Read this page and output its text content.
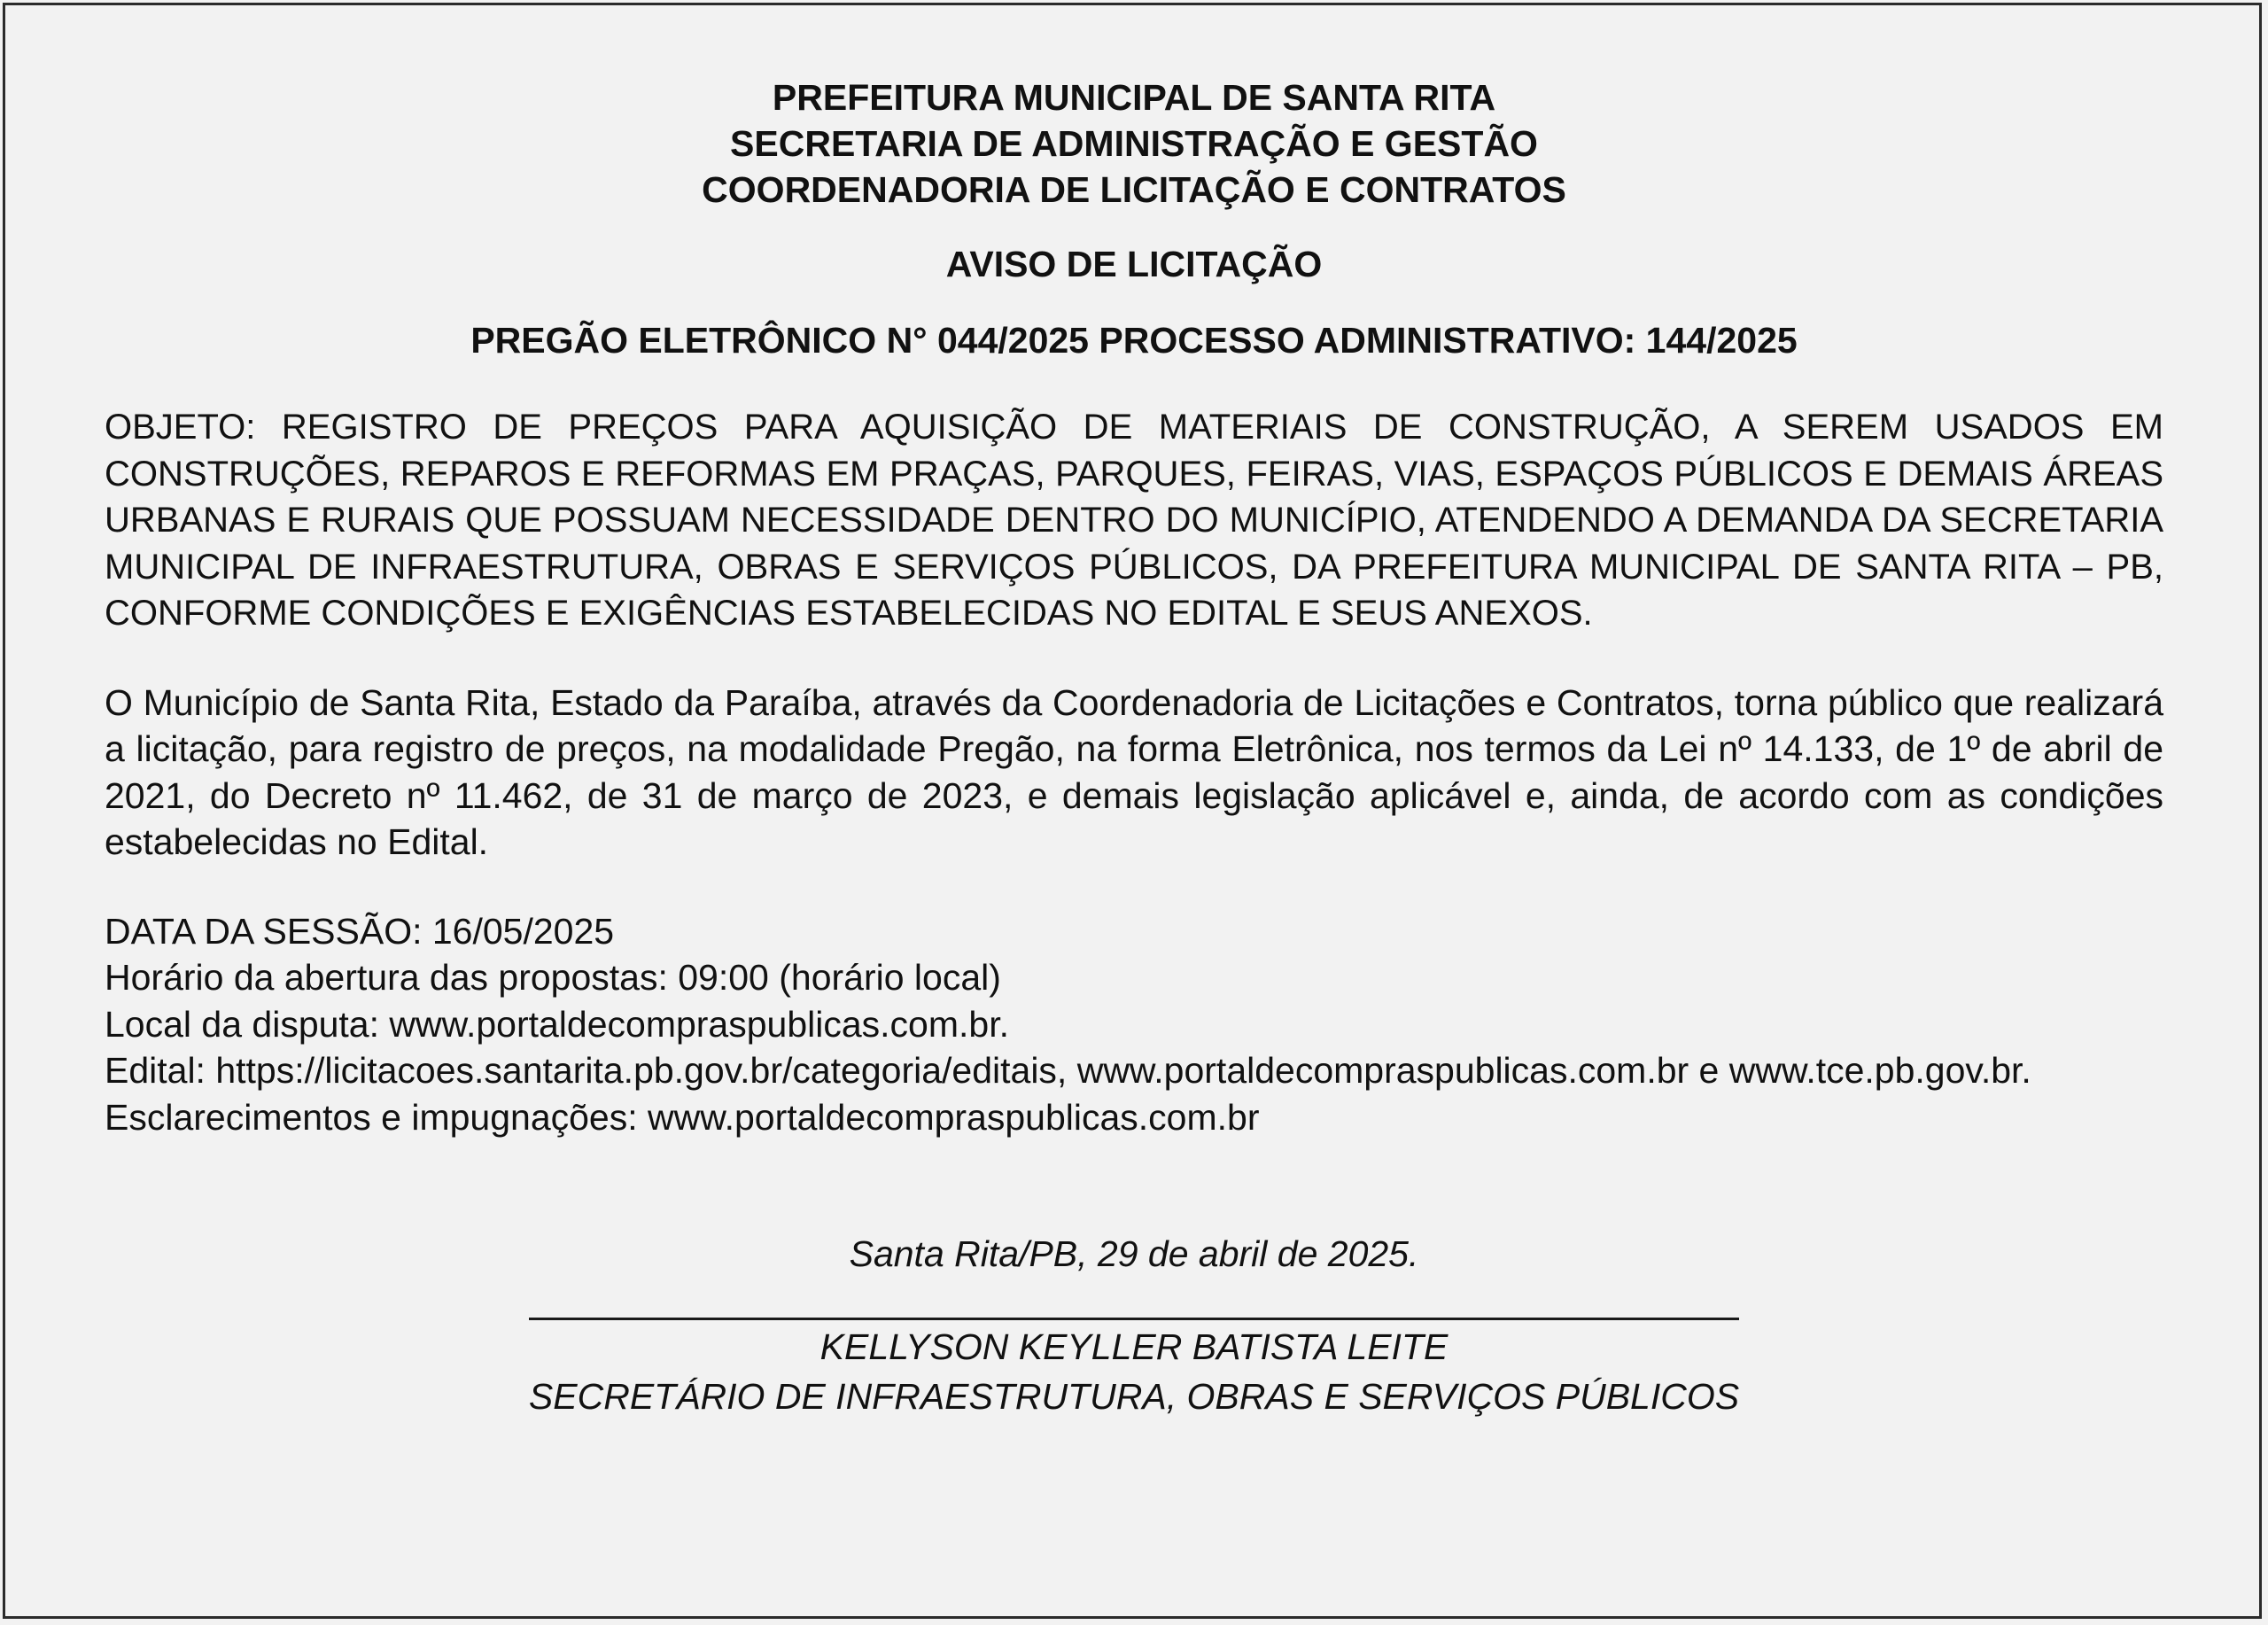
PREFEITURA MUNICIPAL DE SANTA RITA
SECRETARIA DE ADMINISTRAÇÃO E GESTÃO
COORDENADORIA DE LICITAÇÃO E CONTRATOS
AVISO DE LICITAÇÃO
PREGÃO ELETRÔNICO N° 044/2025 PROCESSO ADMINISTRATIVO: 144/2025
OBJETO: REGISTRO DE PREÇOS PARA AQUISIÇÃO DE MATERIAIS DE CONSTRUÇÃO, A SEREM USADOS EM CONSTRUÇÕES, REPAROS E REFORMAS EM PRAÇAS, PARQUES, FEIRAS, VIAS, ESPAÇOS PÚBLICOS E DEMAIS ÁREAS URBANAS E RURAIS QUE POSSUAM NECESSIDADE DENTRO DO MUNICÍPIO, ATENDENDO A DEMANDA DA SECRETARIA MUNICIPAL DE INFRAESTRUTURA, OBRAS E SERVIÇOS PÚBLICOS, DA PREFEITURA MUNICIPAL DE SANTA RITA – PB, CONFORME CONDIÇÕES E EXIGÊNCIAS ESTABELECIDAS NO EDITAL E SEUS ANEXOS.
O Município de Santa Rita, Estado da Paraíba, através da Coordenadoria de Licitações e Contratos, torna público que realizará a licitação, para registro de preços, na modalidade Pregão, na forma Eletrônica, nos termos da Lei nº 14.133, de 1º de abril de 2021, do Decreto nº 11.462, de 31 de março de 2023, e demais legislação aplicável e, ainda, de acordo com as condições estabelecidas no Edital.
DATA DA SESSÃO: 16/05/2025
Horário da abertura das propostas: 09:00 (horário local)
Local da disputa: www.portaldecompraspublicas.com.br.
Edital: https://licitacoes.santarita.pb.gov.br/categoria/editais, www.portaldecompraspublicas.com.br e www.tce.pb.gov.br.
Esclarecimentos e impugnações: www.portaldecompraspublicas.com.br
Santa Rita/PB, 29 de abril de 2025.
KELLYSON KEYLLER BATISTA LEITE
SECRETÁRIO DE INFRAESTRUTURA, OBRAS E SERVIÇOS PÚBLICOS
